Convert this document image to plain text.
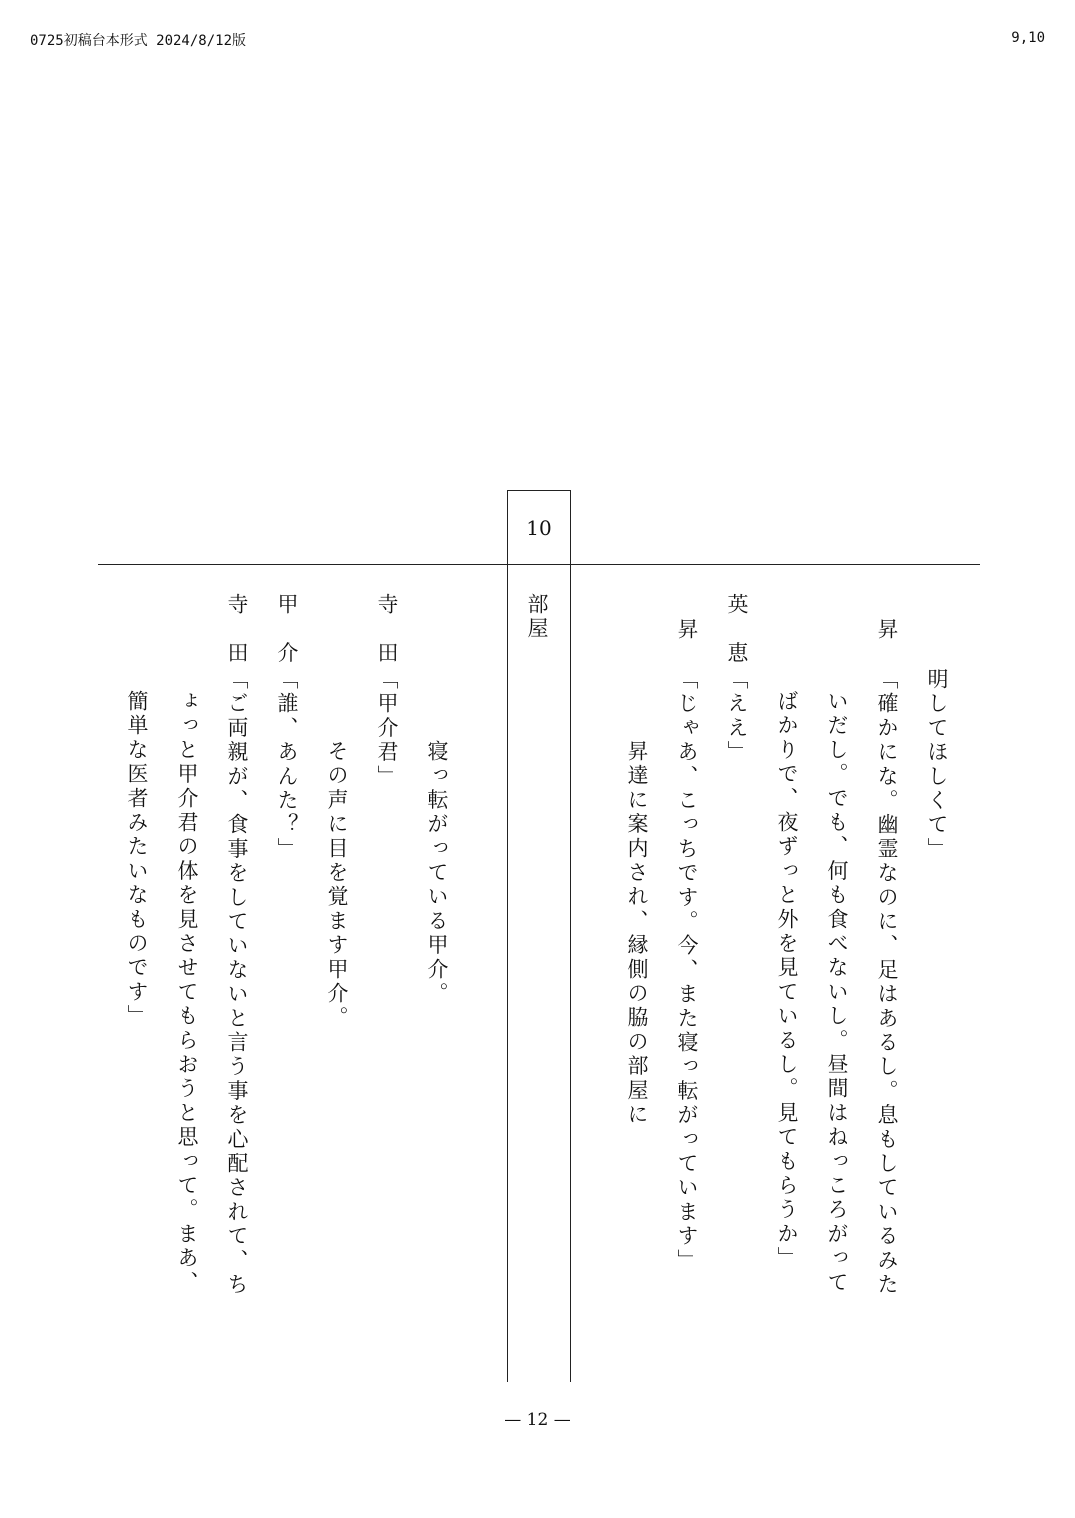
0725初稿台本形式 2024/8/12版	9,10
10
部屋
明してほしくて」
昇
「確かにな。幽霊なのに、足はあるし。息もしているみた
いだし。でも、何も食べないし。昼間はねっころがって
ばかりで、夜ずっと外を見ているし。見てもらうか」
英　恵
「ええ」
昇
「じゃあ、こっちです。今、また寝っ転がっています」
昇達に案内され、縁側の脇の部屋に
寝っ転がっている甲介。
寺　田
「甲介君」
その声に目を覚ます甲介。
甲　介
「誰、あんた？」
寺　田
「ご両親が、食事をしていないと言う事を心配されて、ち
ょっと甲介君の体を見させてもらおうと思って。まあ、
簡単な医者みたいなものです」
— 12 —
